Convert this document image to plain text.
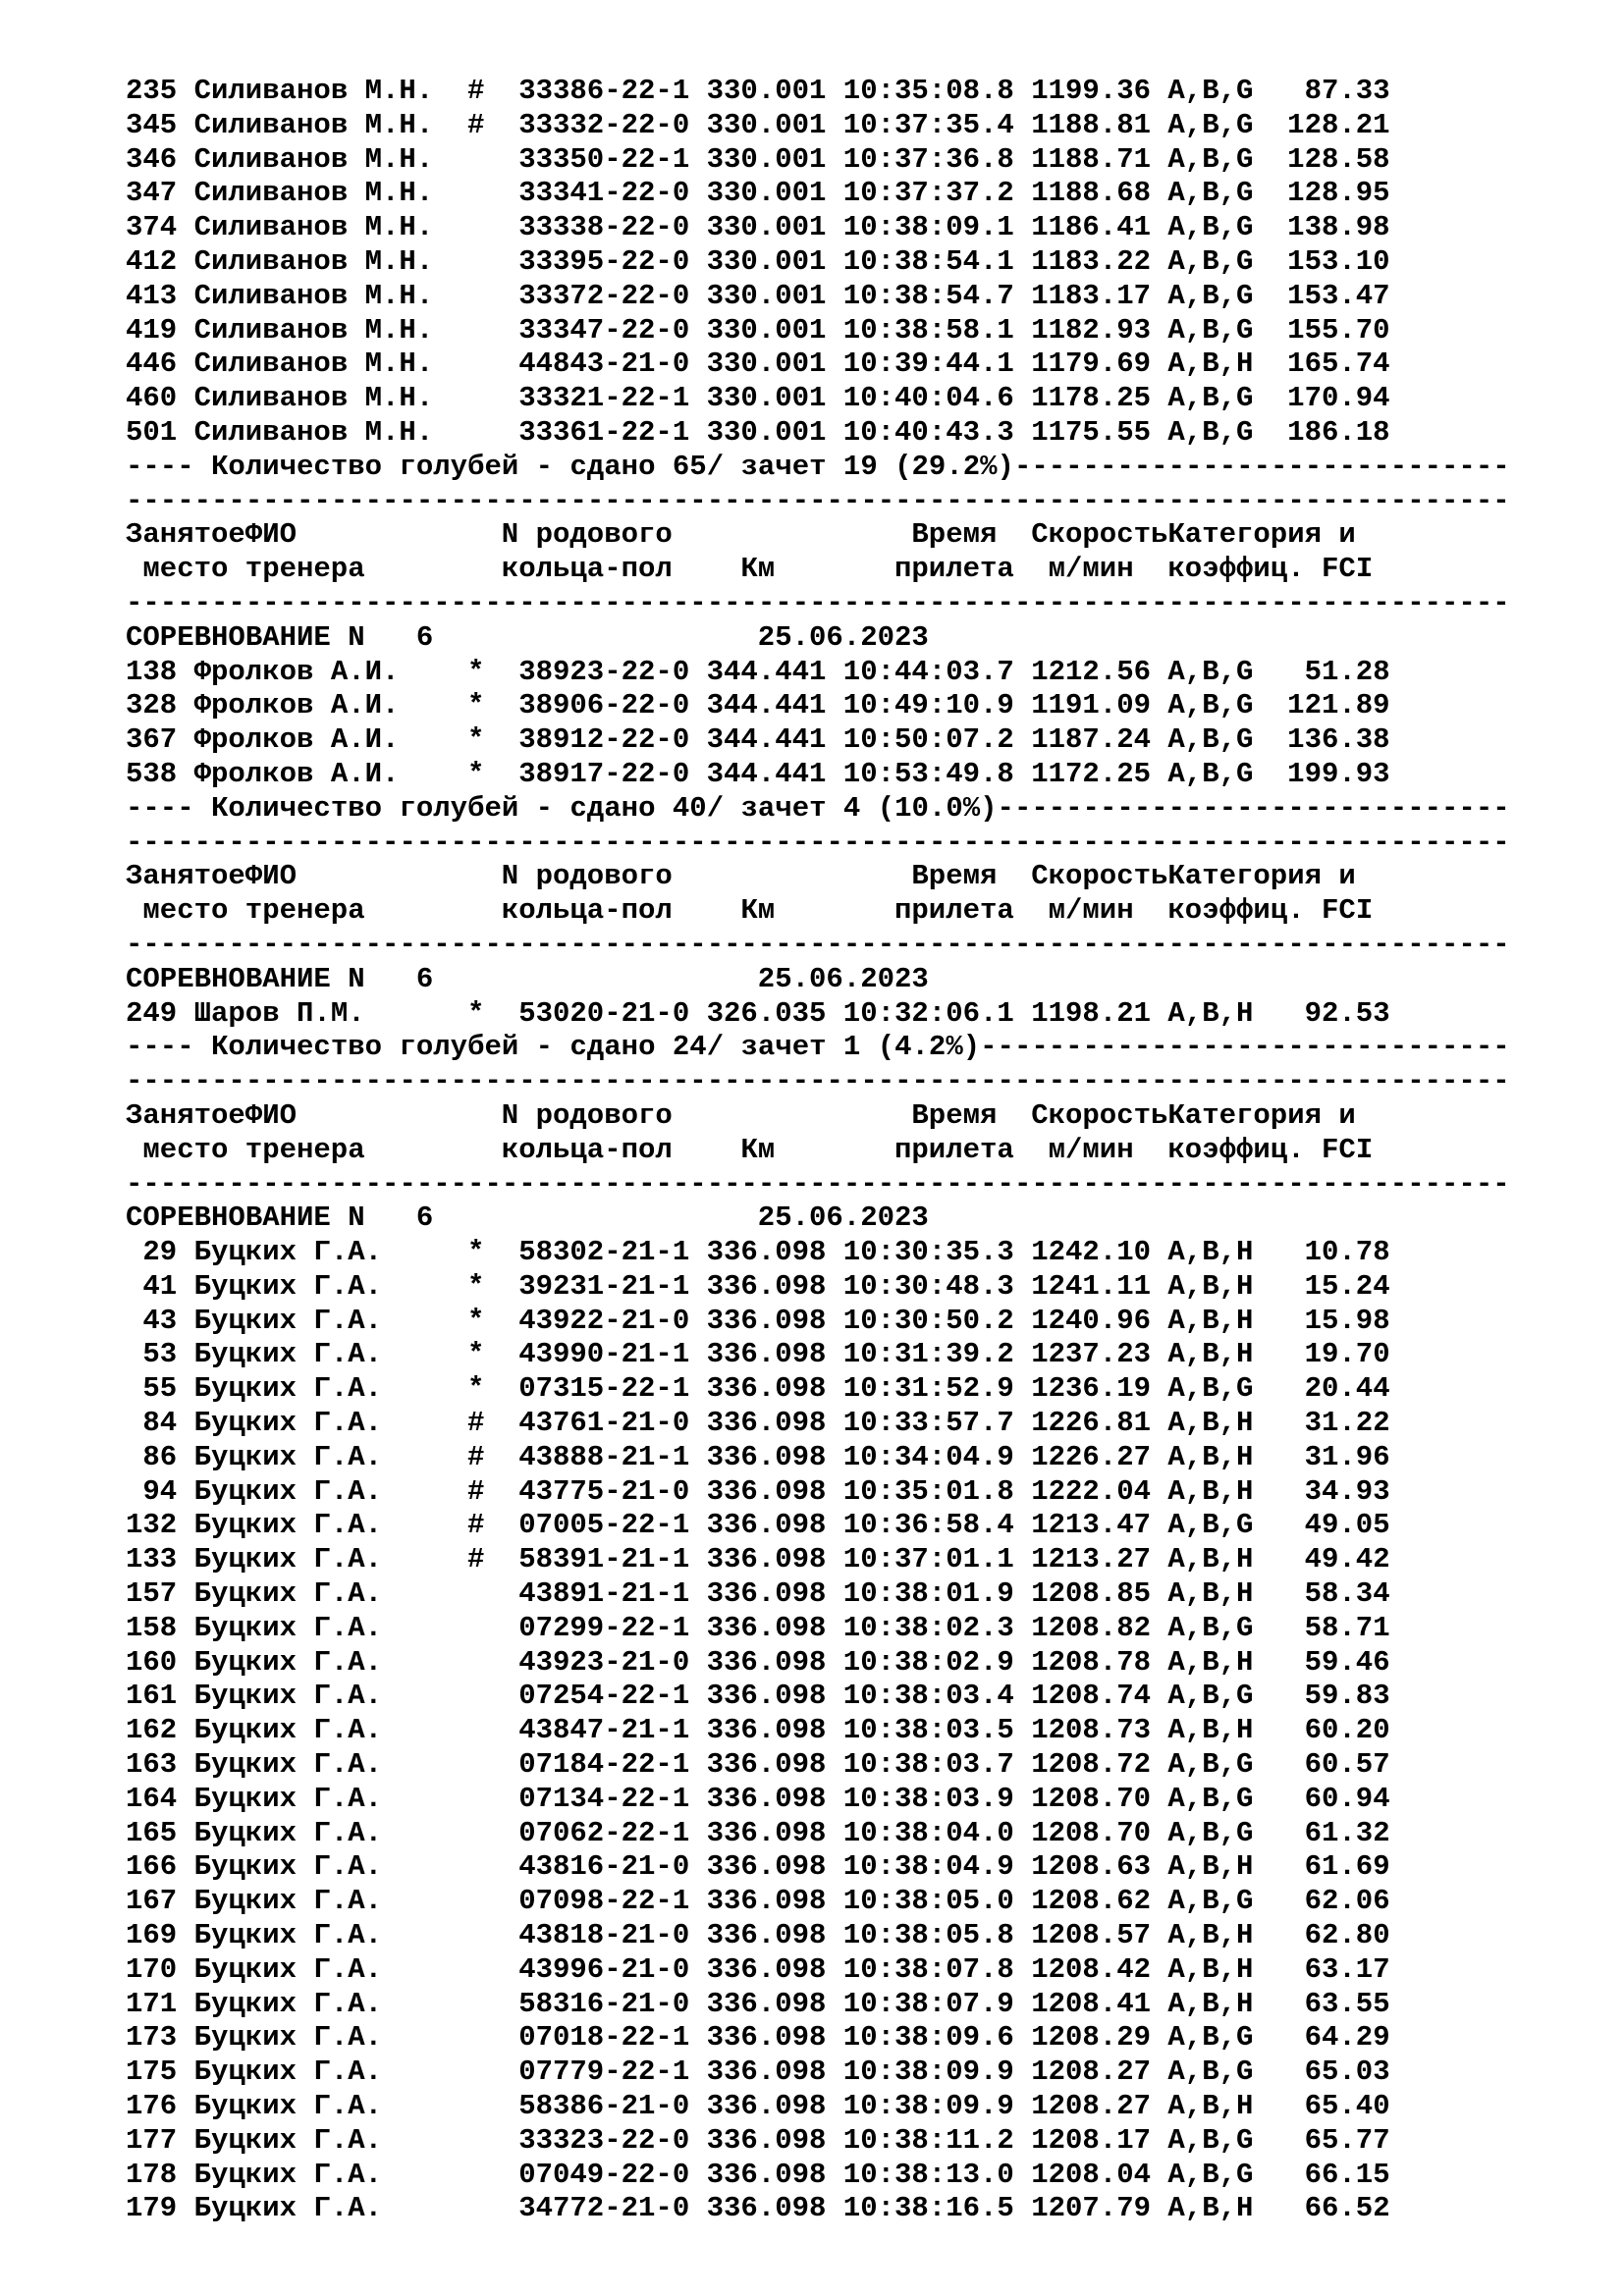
235 Силиванов М.Н. # 33386-22-1 330.001 10:35:08.8 1199.36 A,B,G	87.33
345 Силиванов М.Н. # 33332-22-0 330.001 10:37:35.4 1188.81 A,B,G	128.21
346 Силиванов М.Н.	33350-22-1 330.001 10:37:36.8 1188.71 A,B,G	128.58
347 Силиванов М.Н.	33341-22-0 330.001 10:37:37.2 1188.68 A,B,G	128.95
374 Силиванов М.Н.	33338-22-0 330.001 10:38:09.1 1186.41 A,B,G	138.98
412 Силиванов М.Н.	33395-22-0 330.001 10:38:54.1 1183.22 A,B,G	153.10
413 Силиванов М.Н.	33372-22-0 330.001 10:38:54.7 1183.17 A,B,G	153.47
419 Силиванов М.Н.	33347-22-0 330.001 10:38:58.1 1182.93 A,B,G	155.70
446 Силиванов М.Н.	44843-21-0 330.001 10:39:44.1 1179.69 A,B,H	165.74
460 Силиванов М.Н.	33321-22-1 330.001 10:40:04.6 1178.25 A,B,G	170.94
501 Силиванов М.Н.	33361-22-1 330.001 10:40:43.3 1175.55 A,B,G	186.18
---- Количество голубей - сдано 65/ зачет 19 (29.2%)-----------------------------
---------------------------------------------------------------------------------
Занятое ФИО	N родового	Время Скорость Категория и
место тренера	кольца-пол Км	прилета м/мин коэффиц. FCI
---------------------------------------------------------------------------------
СОРЕВНОВАНИЕ N   6	25.06.2023
138 Фролков А.И. * 38923-22-0 344.441 10:44:03.7 1212.56 A,B,G	51.28
328 Фролков А.И. * 38906-22-0 344.441 10:49:10.9 1191.09 A,B,G	121.89
367 Фролков А.И. * 38912-22-0 344.441 10:50:07.2 1187.24 A,B,G	136.38
538 Фролков А.И. * 38917-22-0 344.441 10:53:49.8 1172.25 A,B,G	199.93
---- Количество голубей - сдано 40/ зачет 4 (10.0%)------------------------------
---------------------------------------------------------------------------------
Занятое ФИО	N родового	Время Скорость Категория и
место тренера	кольца-пол Км	прилета м/мин коэффиц. FCI
---------------------------------------------------------------------------------
СОРЕВНОВАНИЕ N   6	25.06.2023
249 Шаров П.М.	* 53020-21-0 326.035 10:32:06.1 1198.21 A,B,H	92.53
---- Количество голубей - сдано 24/ зачет 1 (4.2%)-------------------------------
---------------------------------------------------------------------------------
Занятое ФИО	N родового	Время Скорость Категория и
место тренера	кольца-пол Км	прилета м/мин коэффиц. FCI
---------------------------------------------------------------------------------
СОРЕВНОВАНИЕ N   6	25.06.2023
29 Буцких Г.А.	* 58302-21-1 336.098 10:30:35.3 1242.10 A,B,H	10.78
41 Буцких Г.А.	* 39231-21-1 336.098 10:30:48.3 1241.11 A,B,H	15.24
43 Буцких Г.А.	* 43922-21-0 336.098 10:30:50.2 1240.96 A,B,H	15.98
53 Буцких Г.А.	* 43990-21-1 336.098 10:31:39.2 1237.23 A,B,H	19.70
55 Буцких Г.А.	* 07315-22-1 336.098 10:31:52.9 1236.19 A,B,G	20.44
84 Буцких Г.А.	# 43761-21-0 336.098 10:33:57.7 1226.81 A,B,H	31.22
86 Буцких Г.А.	# 43888-21-1 336.098 10:34:04.9 1226.27 A,B,H	31.96
94 Буцких Г.А.	# 43775-21-0 336.098 10:35:01.8 1222.04 A,B,H	34.93
132 Буцких Г.А.	# 07005-22-1 336.098 10:36:58.4 1213.47 A,B,G	49.05
133 Буцких Г.А.	# 58391-21-1 336.098 10:37:01.1 1213.27 A,B,H	49.42
157 Буцких Г.А.	43891-21-1 336.098 10:38:01.9 1208.85 A,B,H	58.34
158 Буцких Г.А.	07299-22-1 336.098 10:38:02.3 1208.82 A,B,G	58.71
160 Буцких Г.А.	43923-21-0 336.098 10:38:02.9 1208.78 A,B,H	59.46
161 Буцких Г.А.	07254-22-1 336.098 10:38:03.4 1208.74 A,B,G	59.83
162 Буцких Г.А.	43847-21-1 336.098 10:38:03.5 1208.73 A,B,H	60.20
163 Буцких Г.А.	07184-22-1 336.098 10:38:03.7 1208.72 A,B,G	60.57
164 Буцких Г.А.	07134-22-1 336.098 10:38:03.9 1208.70 A,B,G	60.94
165 Буцких Г.А.	07062-22-1 336.098 10:38:04.0 1208.70 A,B,G	61.32
166 Буцких Г.А.	43816-21-0 336.098 10:38:04.9 1208.63 A,B,H	61.69
167 Буцких Г.А.	07098-22-1 336.098 10:38:05.0 1208.62 A,B,G	62.06
169 Буцких Г.А.	43818-21-0 336.098 10:38:05.8 1208.57 A,B,H	62.80
170 Буцких Г.А.	43996-21-0 336.098 10:38:07.8 1208.42 A,B,H	63.17
171 Буцких Г.А.	58316-21-0 336.098 10:38:07.9 1208.41 A,B,H	63.55
173 Буцких Г.А.	07018-22-1 336.098 10:38:09.6 1208.29 A,B,G	64.29
175 Буцких Г.А.	07779-22-1 336.098 10:38:09.9 1208.27 A,B,G	65.03
176 Буцких Г.А.	58386-21-0 336.098 10:38:09.9 1208.27 A,B,H	65.40
177 Буцких Г.А.	33323-22-0 336.098 10:38:11.2 1208.17 A,B,G	65.77
178 Буцких Г.А.	07049-22-0 336.098 10:38:13.0 1208.04 A,B,G	66.15
179 Буцких Г.А.	34772-21-0 336.098 10:38:16.5 1207.79 A,B,H	66.52
